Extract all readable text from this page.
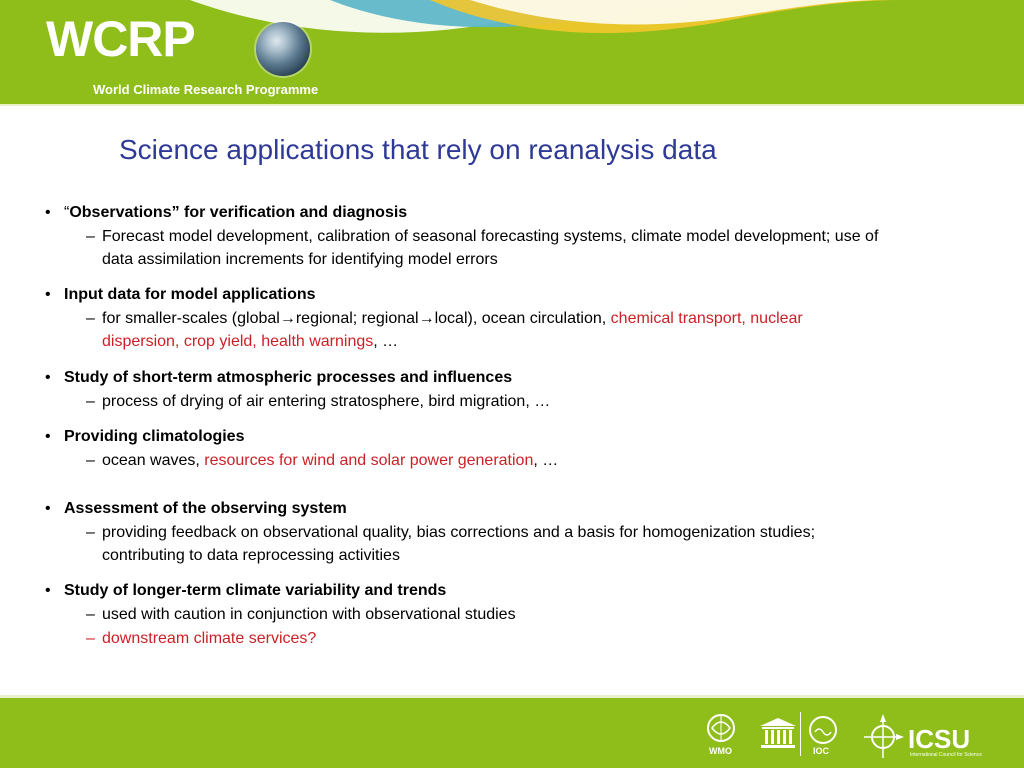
WCRP
World Climate Research Programme
Science applications that rely on reanalysis data
• “Observations” for verification and diagnosis
– Forecast model development, calibration of seasonal forecasting systems, climate model development; use of
data assimilation increments for identifying model errors
• Input data for model applications
– for smaller-scales (global→regional; regional→local), ocean circulation, chemical transport, nuclear
dispersion, crop yield, health warnings, …
• Study of short-term atmospheric processes and influences
– process of drying of air entering stratosphere, bird migration, …
• Providing climatologies
– ocean waves, resources for wind and solar power generation, …
• Assessment of the observing system
– providing feedback on observational quality, bias corrections and a basis for homogenization studies;
contributing to data reprocessing activities
• Study of longer-term climate variability and trends
– used with caution in conjunction with observational studies
– downstream climate services?
WMO	IOC	ICSU
International Council for Science
